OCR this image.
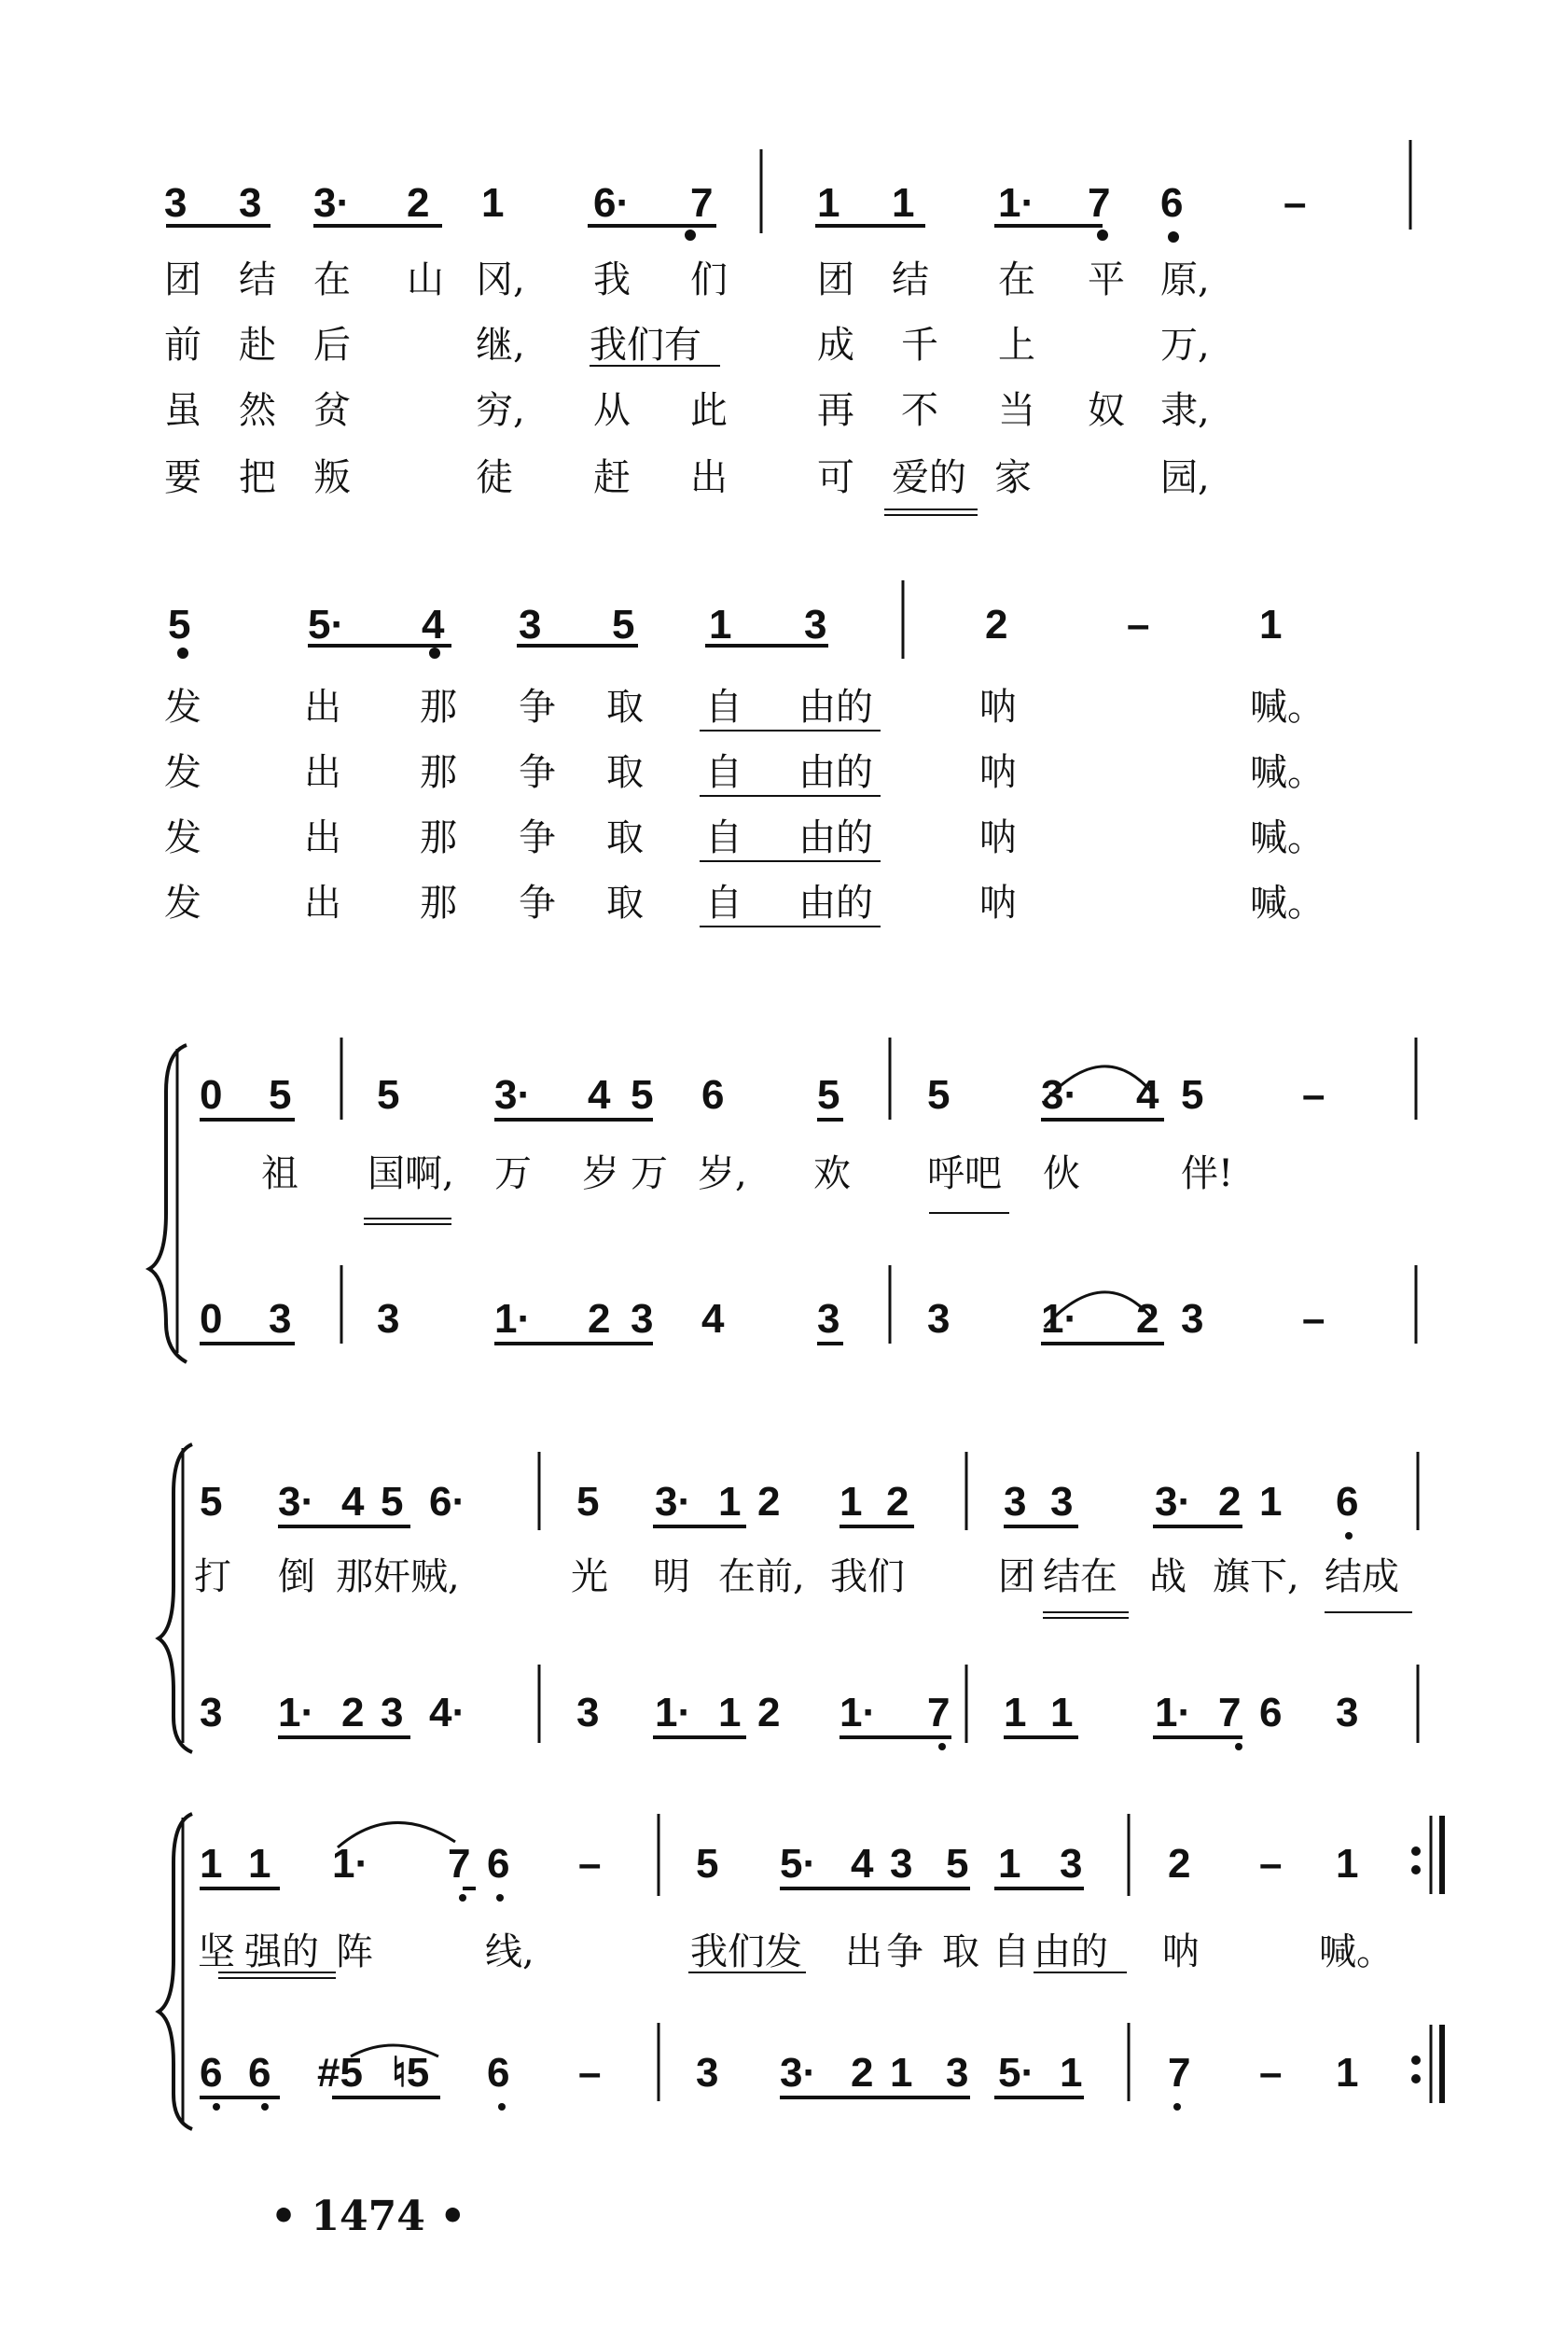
3 3 3· 2 1 6· 7	1 1 1· 7 6 –
团 结 在 山 冈, 我 们 团 结 在 平 原,
前 赴 后	继, 我们有	成 千 上	万,
虽 然 贫	穷, 从 此 再 不 当 奴 隶,
要 把 叛	徒 赶 出 可 爱的 家	园,
5	5· 4 3 5 1 3	2	–	1
发	出 那 争 取 自 由的	呐	喊。
发	出 那 争 取 自 由的	呐	喊。
发	出 那 争 取 自 由的	呐	喊。
发	出 那 争 取 自 由的	呐	喊。
0 5 5 3· 4 5 6 5 5 3· 4 5 –
祖 国啊, 万 岁 万 岁, 欢 呼吧 伙	伴!
0 3 3 1· 2 3 4 3 3 1· 2 3 –
5 3· 4 5 6·	5 3· 1 2 1 2 3 3 3· 2 1 6
打 倒 那奸贼,	光 明 在前, 我们	团 结在 战 旗下, 结成
3 1· 2 3 4·	3 1· 1 2 1· 7 1 1 1· 7 6 3
1 1 1· 7 6 – 5 5· 4 3 5 1 3 2 – 1
坚 强的 阵	线,	我们发 出 争 取 自 由的 呐	喊。
6 6 #5 ♮5 6 – 3 3· 2 1 3 5· 1 7 – 1
• 1474 •
